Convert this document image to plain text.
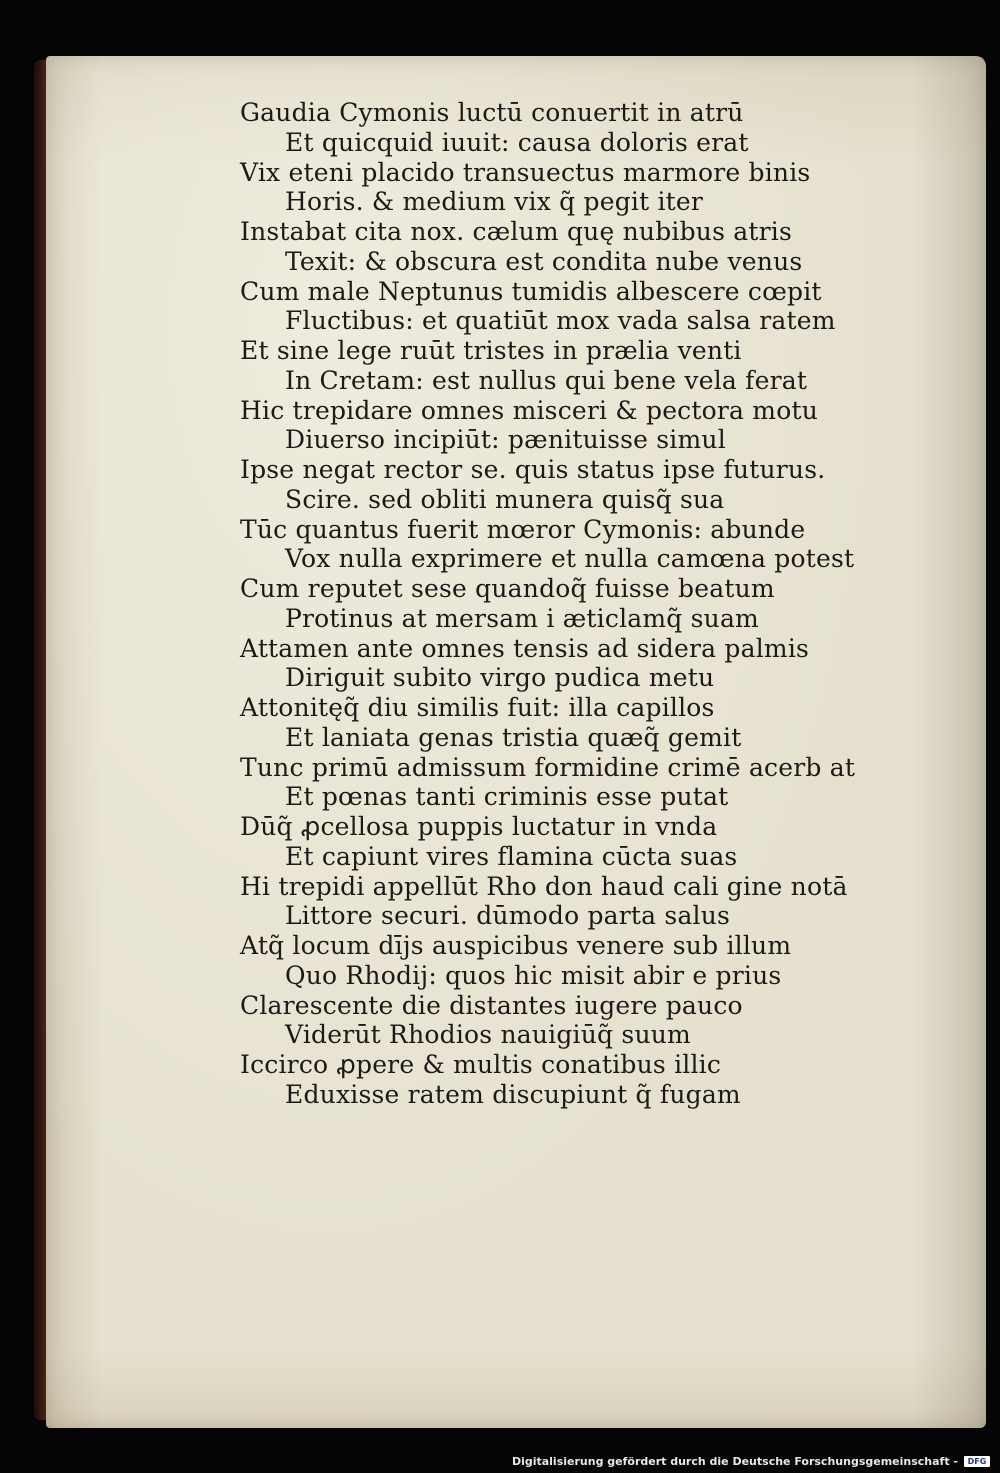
Gaudia Cymonis luctū conuertit in atrū
Et quicquid iuuit: causa doloris erat
Vix eteni placido transuectus marmore binis
Horis. & medium vix q̃ pegit iter
Instabat cita nox. cælum quę nubibus atris
Texit: & obscura est condita nube venus
Cum male Neptunus tumidis albescere cœpit
Fluctibus: et quatiūt mox vada salsa ratem
Et sine lege ruūt tristes in prælia venti
In Cretam: est nullus qui bene vela ferat
Hic trepidare omnes misceri & pectora motu
Diuerso incipiūt: pænituisse simul
Ipse negat rector se. quis status ipse futurus.
Scire. sed obliti munera quisq̃ sua
Tūc quantus fuerit mœror Cymonis: abunde
Vox nulla exprimere et nulla camœna potest
Cum reputet sese quandoq̃ fuisse beatum
Protinus at mersam i æticlamq̃ suam
Attamen ante omnes tensis ad sidera palmis
Diriguit subito virgo pudica metu
Attonitęq̃ diu similis fuit: illa capillos
Et laniata genas tristia quæq̃ gemit
Tunc primū admissum formidine crimē acerb at
Et pœnas tanti criminis esse putat
Dūq̃ ꝓcellosa puppis luctatur in vnda
Et capiunt vires flamina cūcta suas
Hi trepidi appellūt Rho don haud cali gine notā
Littore securi. dūmodo parta salus
Atq̃ locum dījs auspicibus venere sub illum
Quo Rhodij: quos hic misit abir e prius
Clarescente die distantes iugere pauco
Viderūt Rhodios nauigiūq̃ suum
Iccirco ꝓpere & multis conatibus illic
Eduxisse ratem discupiunt q̃ fugam
Digitalisierung gefördert durch die Deutsche Forschungsgemeinschaft -	DFG
